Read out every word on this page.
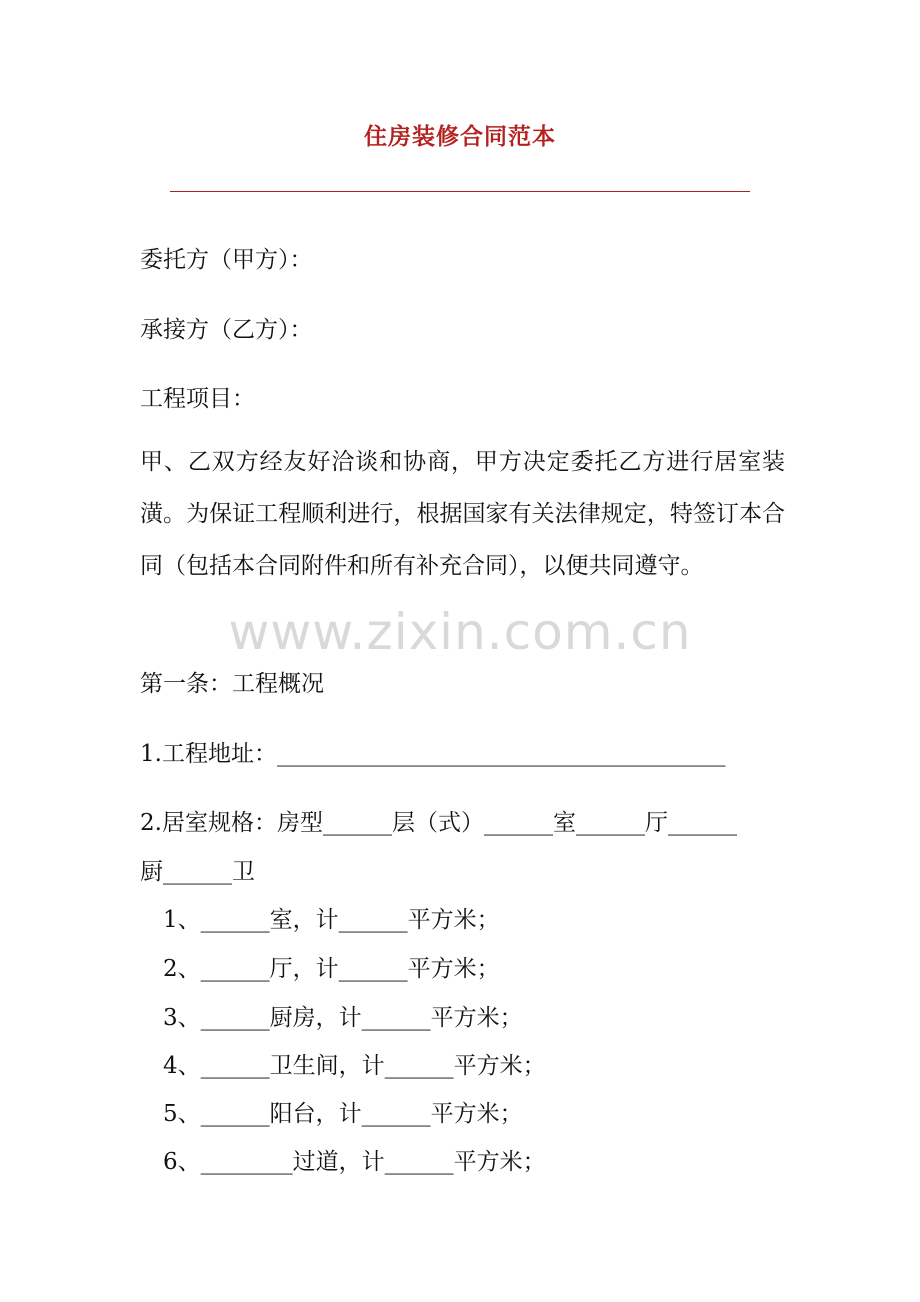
住房装修合同范本
委托方（甲方）：
承接方（乙方）：
工程项目：
甲、乙双方经友好洽谈和协商，甲方决定委托乙方进行居室装潢。为保证工程顺利进行，根据国家有关法律规定，特签订本合同（包括本合同附件和所有补充合同），以便共同遵守。
第一条：工程概况
1.工程地址：_______________________________________
2.居室规格：房型______层（式）______室______厅______
厨______卫
1、______室，计______平方米；
2、______厅，计______平方米；
3、______厨房，计______平方米；
4、______卫生间，计______平方米；
5、______阳台，计______平方米；
6、________过道，计______平方米；
www.zixin.com.cn
